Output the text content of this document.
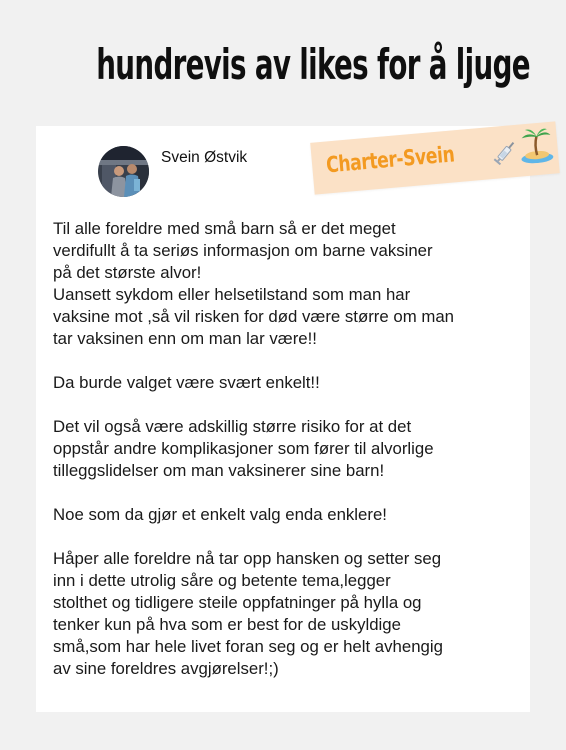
hundrevis av likes for å ljuge
Svein Østvik	Charter-Svein

Til alle foreldre med små barn så er det meget
verdifullt å ta seriøs informasjon om barne vaksiner
på det største alvor!
Uansett sykdom eller helsetilstand som man har
vaksine mot ,så vil risken for død være større om man
tar vaksinen enn om man lar være!!

Da burde valget være svært enkelt!!

Det vil også være adskillig større risiko for at det
oppstår andre komplikasjoner som fører til alvorlige
tilleggslidelser om man vaksinerer sine barn!

Noe som da gjør et enkelt valg enda enklere!

Håper alle foreldre nå tar opp hansken og setter seg
inn i dette utrolig såre og betente tema,legger
stolthet og tidligere steile oppfatninger på hylla og
tenker kun på hva som er best for de uskyldige
små,som har hele livet foran seg og er helt avhengig
av sine foreldres avgjørelser!;)
